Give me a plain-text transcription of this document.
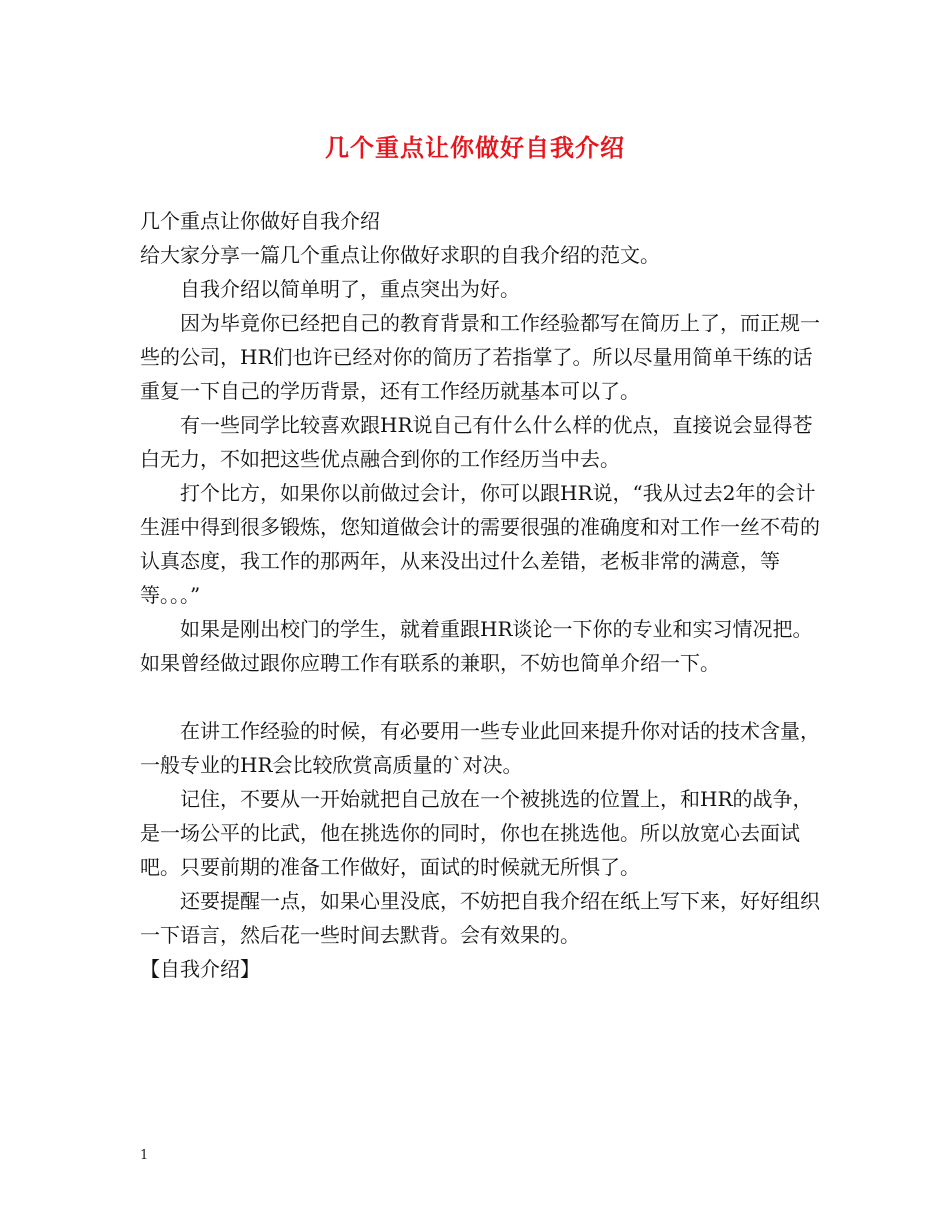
几个重点让你做好自我介绍

几个重点让你做好自我介绍

给大家分享一篇几个重点让你做好求职的自我介绍的范文。

自我介绍以简单明了，重点突出为好。

因为毕竟你已经把自己的教育背景和工作经验都写在简历上了，而正规一些的公司，HR们也许已经对你的简历了若指掌了。所以尽量用简单干练的话重复一下自己的学历背景，还有工作经历就基本可以了。

有一些同学比较喜欢跟HR说自己有什么什么样的优点，直接说会显得苍白无力，不如把这些优点融合到你的工作经历当中去。

打个比方，如果你以前做过会计，你可以跟HR说，“我从过去2年的会计生涯中得到很多锻炼，您知道做会计的需要很强的准确度和对工作一丝不苟的认真态度，我工作的那两年，从来没出过什么差错，老板非常的满意，等等。。。”

如果是刚出校门的学生，就着重跟HR谈论一下你的专业和实习情况把。如果曾经做过跟你应聘工作有联系的兼职，不妨也简单介绍一下。

在讲工作经验的时候，有必要用一些专业此回来提升你对话的技术含量，一般专业的HR会比较欣赏高质量的`对决。

记住，不要从一开始就把自己放在一个被挑选的位置上，和HR的战争，是一场公平的比武，他在挑选你的同时，你也在挑选他。所以放宽心去面试吧。只要前期的准备工作做好，面试的时候就无所惧了。

还要提醒一点，如果心里没底，不妨把自我介绍在纸上写下来，好好组织一下语言，然后花一些时间去默背。会有效果的。

【自我介绍】

1
